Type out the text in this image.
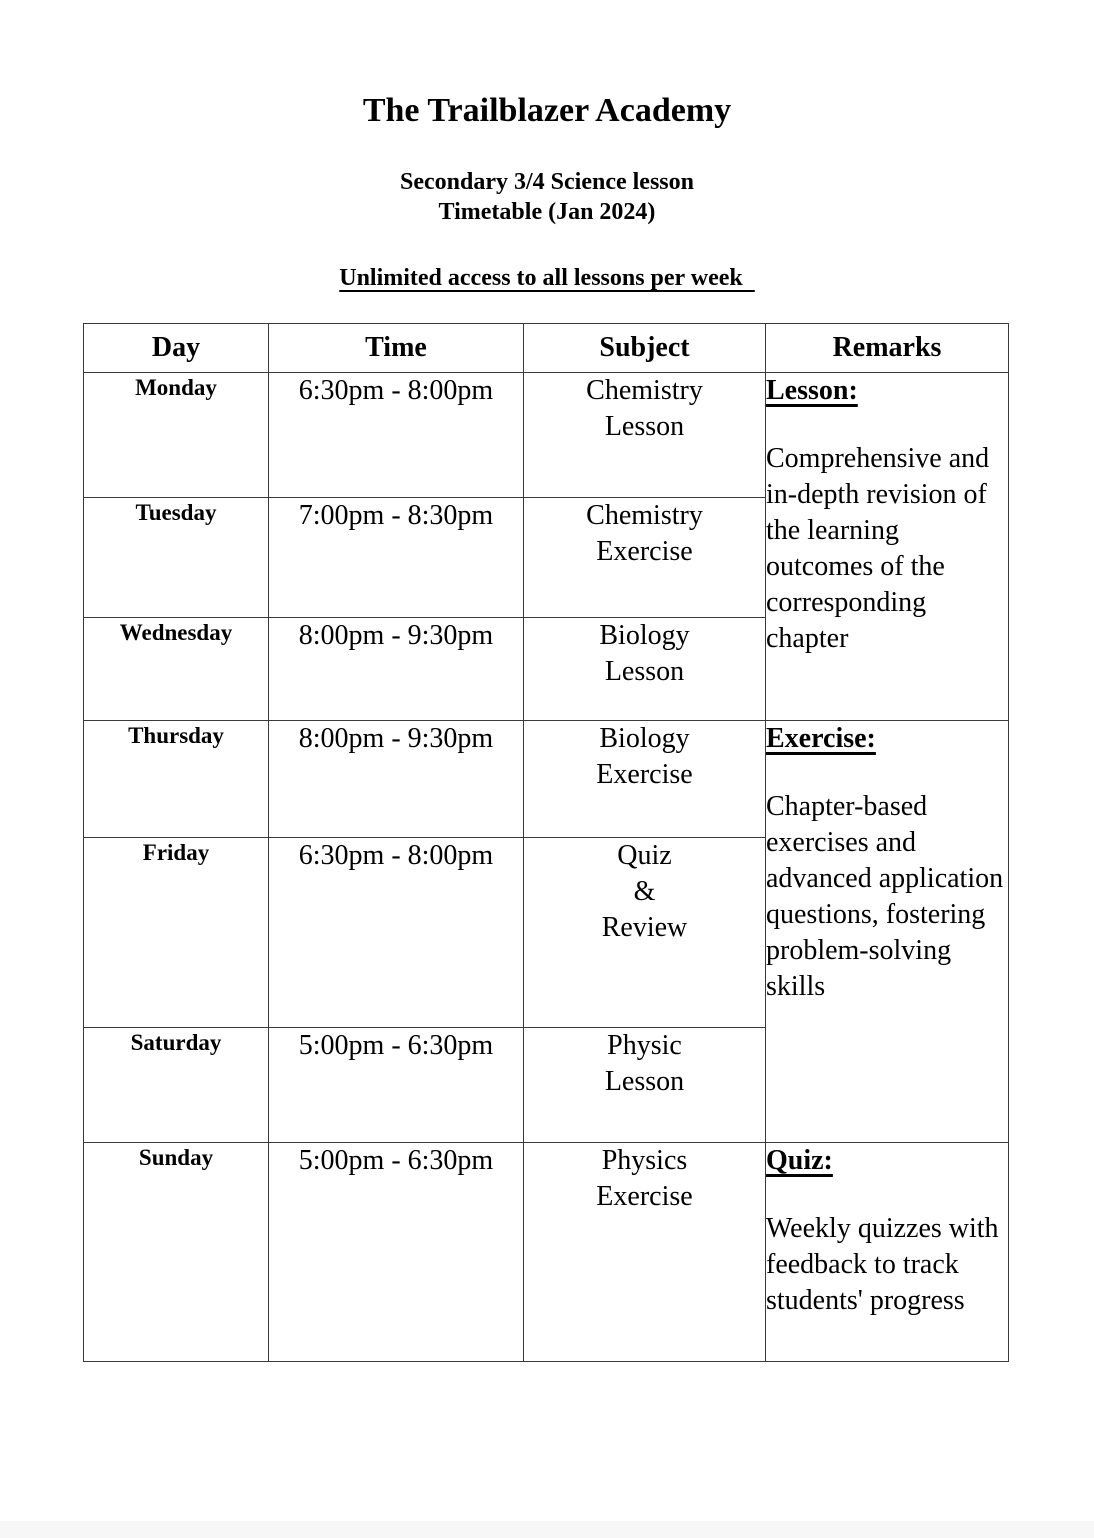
The Trailblazer Academy
Secondary 3/4 Science lesson
Timetable (Jan 2024)
Unlimited access to all lessons per week
Day	Time	Subject	Remarks
Monday	6:30pm - 8:00pm	Chemistry
Lesson

Lesson:
Comprehensive and in-depth revision of the learning outcomes of the corresponding chapter

Tuesday	7:00pm - 8:30pm	Chemistry
Exercise	

Wednesday	8:00pm - 9:30pm	Biology
Lesson	

Thursday	8:00pm - 9:30pm	Biology
Exercise

Exercise:
Chapter-based exercises and advanced application questions, fostering problem-solving skills

Friday	6:30pm - 8:00pm	Quiz
&
Review	

Saturday	5:00pm - 6:30pm	Physic
Lesson	

Sunday	5:00pm - 6:30pm	Physics
Exercise

Quiz:
Weekly quizzes with feedback to track students' progress
